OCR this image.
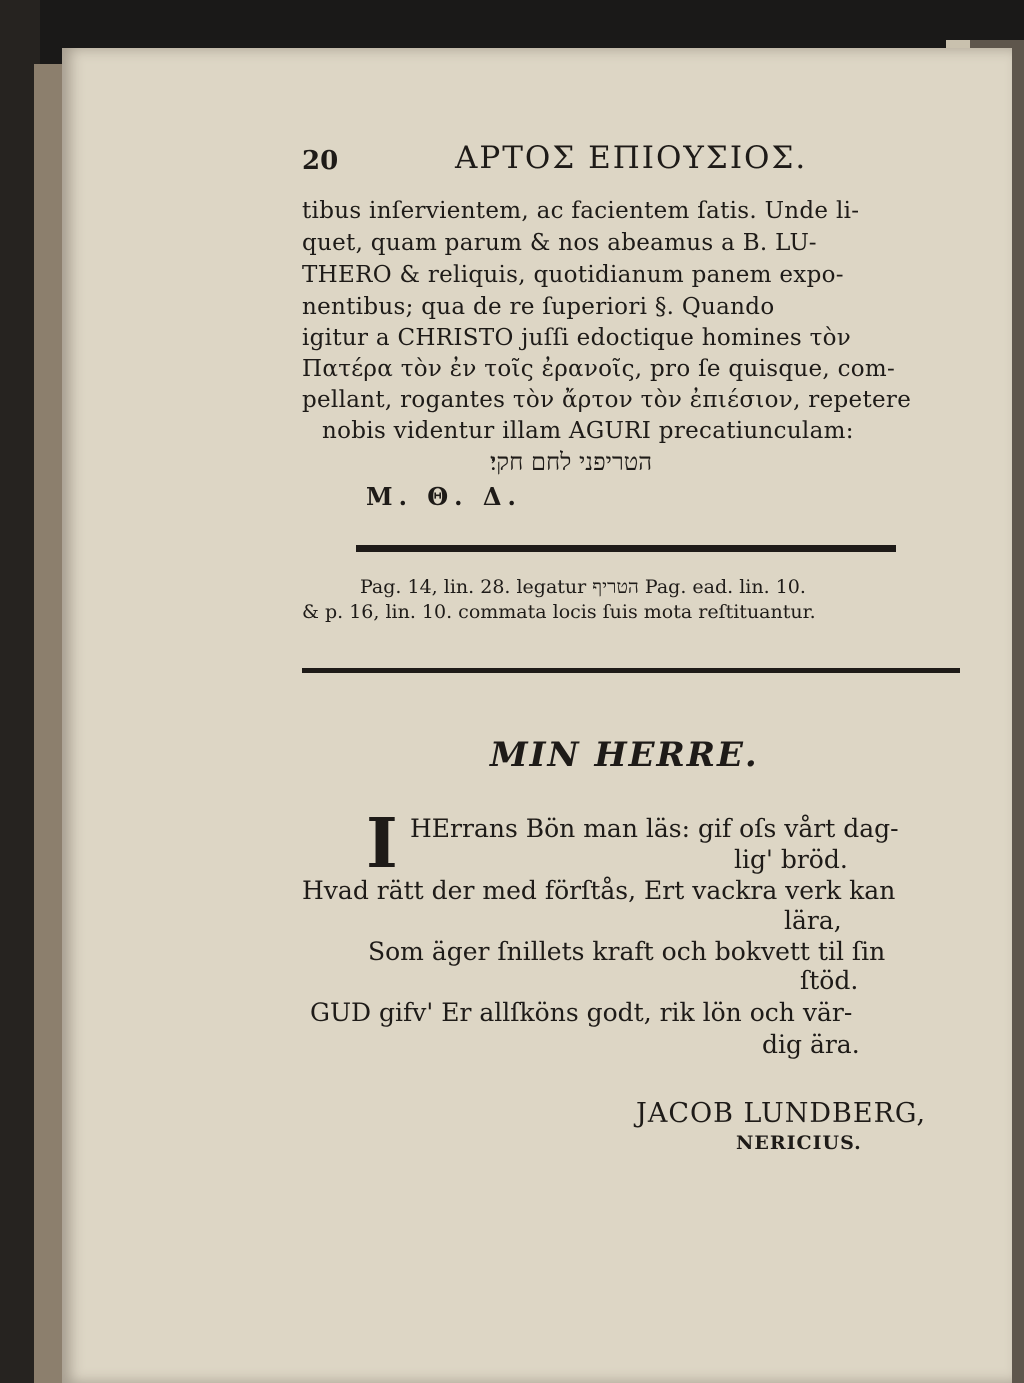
20	ΑΡΤΟΣ ΕΠΙΟΥΣΙΟΣ.
tibus inſervientem, ac facientem ſatis. Unde li-
quet, quam parum & nos abeamus a B. LU-
THERO & reliquis, quotidianum panem expo-
nentibus; qua de re ſuperiori §. Quando
igitur a CHRISTO juſſi edoctique homines τὸν
Πατέρα τὸν ἐν τοῖς ἐρανοῖς, pro ſe quisque, com-
pellant, rogantes τὸν ἄρτον τὸν ἐπιέσιον, repetere
nobis videntur illam AGURI precatiunculam:
הטריפני לחם חקי׃
M. Θ. Δ.
Pag. 14, lin. 28. legatur הטריף Pag. ead. lin. 10.
& p. 16, lin. 10. commata locis ſuis mota reſtituantur.
MIN HERRE.
I HErrans Bön man läs: gif oſs vårt dag-
lig' bröd.
Hvad rätt der med förſtås, Ert vackra verk kan
lära,
Som äger ſnillets kraft och bokvett til ſin
ſtöd.
GUD gifv' Er allſköns godt, rik lön och vär-
dig ära.
JACOB LUNDBERG,
NERICIUS.
